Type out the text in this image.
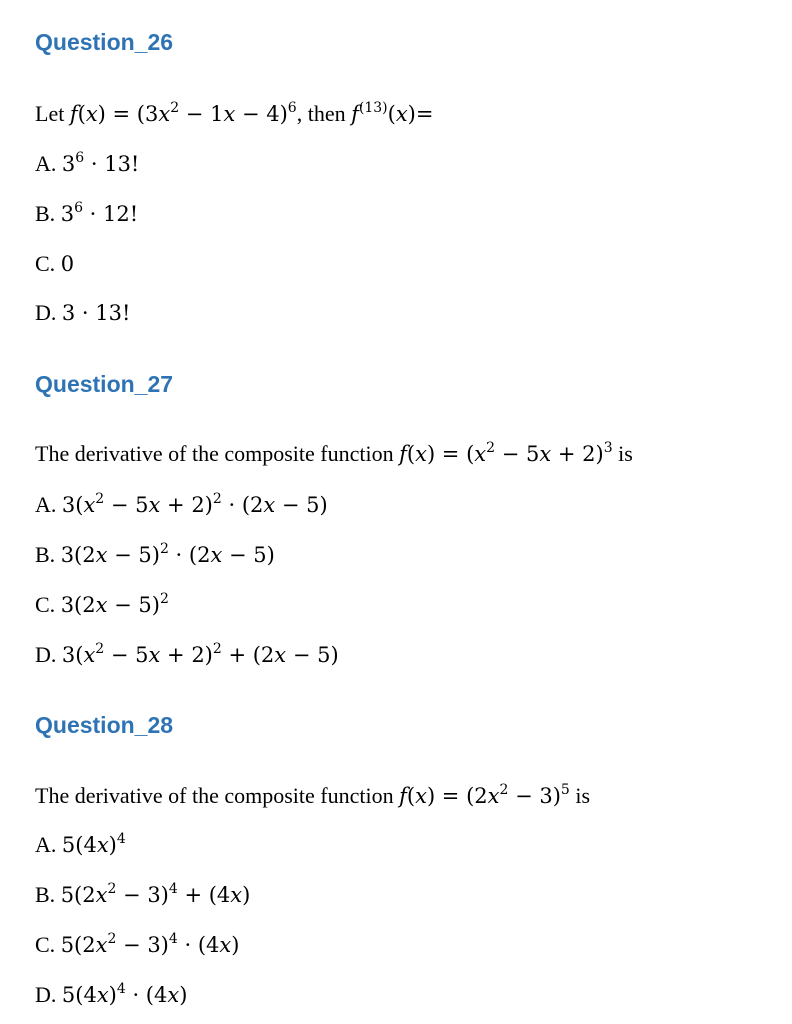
Question_26
Let $f(x) = (3x^2 - 1x - 4)^6$, then $f^{(13)}(x)=$
A. $3^6 \cdot 13$!
B. $3^6 \cdot 12$!
C. 0
D. 3 · 13!
Question_27
The derivative of the composite function $f(x) = (x^2 - 5x + 2)^3$ is
A. $3(x^2 - 5x + 2)^2 \cdot (2x - 5)$
B. $3(2x - 5)^2 \cdot (2x - 5)$
C. $3(2x - 5)^2$
D. $3(x^2 - 5x + 2)^2 + (2x - 5)$
Question_28
The derivative of the composite function $f(x) = (2x^2 - 3)^5$ is
A. $5(4x)^4$
B. $5(2x^2 - 3)^4 + (4x)$
C. $5(2x^2 - 3)^4 \cdot (4x)$
D. $5(4x)^4 \cdot (4x)$
